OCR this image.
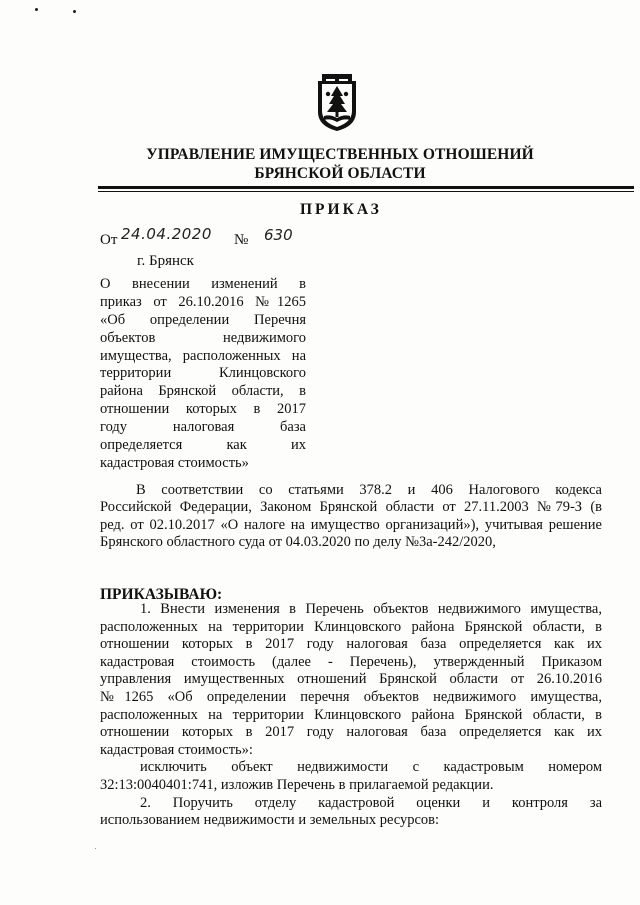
УПРАВЛЕНИЕ ИМУЩЕСТВЕННЫХ ОТНОШЕНИЙ
БРЯНСКОЙ ОБЛАСТИ
ПРИКАЗ
От 24.04.2020 № 630
г. Брянск
О внесении изменений в
приказ от 26.10.2016 №1265
«Об определении Перечня
объектов недвижимого
имущества, расположенных на
территории Клинцовского
района Брянской области, в
отношении которых в 2017
году налоговая база
определяется как их
кадастровая стоимость»
В соответствии со статьями 378.2 и 406 Налогового кодекса
Российской Федерации, Законом Брянской области от 27.11.2003 №79-З (в
ред. от 02.10.2017 «О налоге на имущество организаций»), учитывая решение
Брянского областного суда от 04.03.2020 по делу №3а-242/2020,
ПРИКАЗЫВАЮ:
1. Внести изменения в Перечень объектов недвижимого имущества,
расположенных на территории Клинцовского района Брянской области, в
отношении которых в 2017 году налоговая база определяется как их
кадастровая стоимость (далее - Перечень), утвержденный Приказом
управления имущественных отношений Брянской области от 26.10.2016
№1265 «Об определении перечня объектов недвижимого имущества,
расположенных на территории Клинцовского района Брянской области, в
отношении которых в 2017 году налоговая база определяется как их
кадастровая стоимость»:
исключить объект недвижимости с кадастровым номером
32:13:0040401:741, изложив Перечень в прилагаемой редакции.
2. Поручить отделу кадастровой оценки и контроля за
использованием недвижимости и земельных ресурсов:
